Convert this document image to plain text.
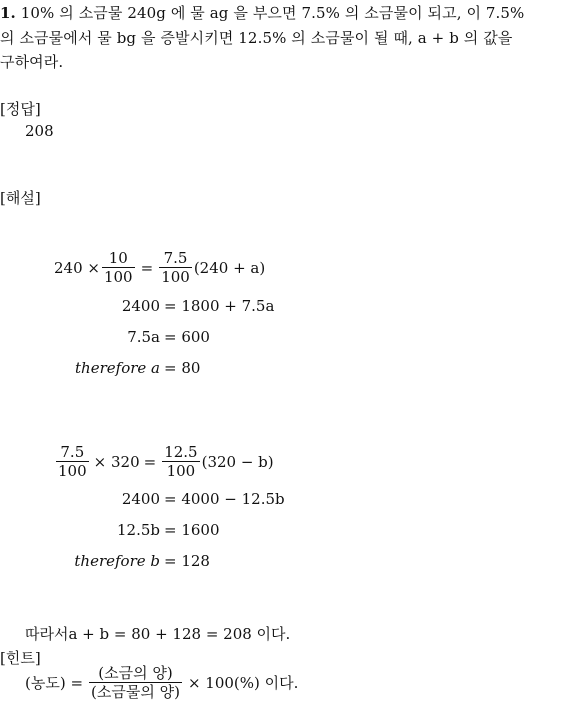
1. 10% 의 소금물 240g 에 물 ag 을 부으면 7.5% 의 소금물이 되고, 이 7.5%
의 소금물에서 물 bg 을 증발시키면 12.5% 의 소금물이 될 때, a + b 의 값을
구하여라.
[정답]
208
[해설]
$240 \times \frac{10}{100} = \frac{7.5}{100} (240 + a)$
2400 = 1800 + 7.5a
7.5a = 600
therefore a = 80
$\frac{7.5}{100} \times 320 = \frac{12.5}{100} (320 - b)$
2400 = 4000 − 12.5b
12.5b = 1600
therefore b = 128
따라서a + b = 80 + 128 = 208 이다.
[힌트]
(농도) = $\frac{\text{(소금의 양)}}{\text{(소금물의 양)}} \times 100(\%)$ 이다.
